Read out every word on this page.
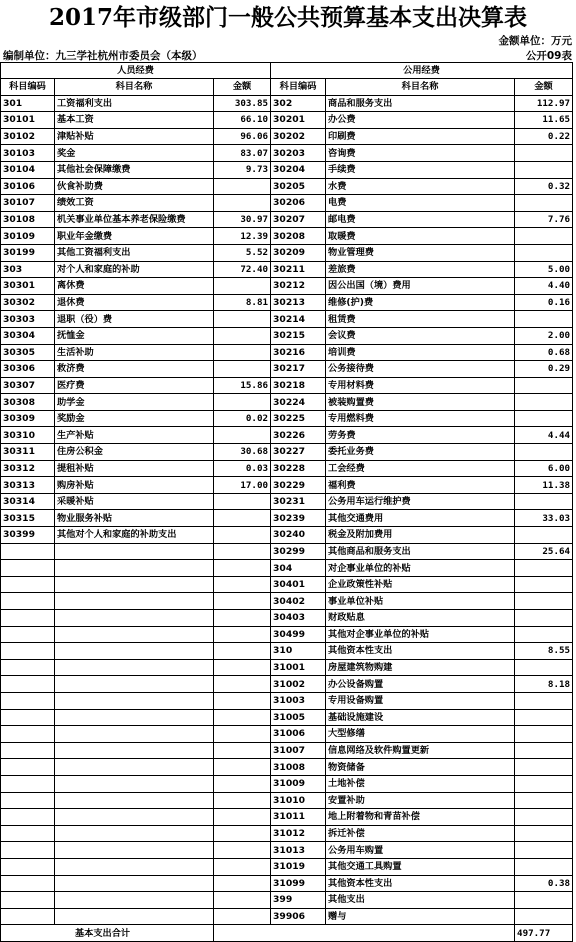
2017年市级部门一般公共预算基本支出决算表
金额单位：万元
编制单位：九三学社杭州市委员会（本级）	公开09表
人员经费			公用经费		
科目编码	科目名称	金额	科目编码	科目名称	金额
301	工资福利支出	303.85	302	商品和服务支出	112.97
30101	基本工资	66.10	30201	办公费	11.65
30102	津贴补贴	96.06	30202	印刷费	0.22
30103	奖金	83.07	30203	咨询费	
30104	其他社会保障缴费	9.73	30204	手续费	
30106	伙食补助费		30205	水费	0.32
30107	绩效工资		30206	电费	
30108	机关事业单位基本养老保险缴费	30.97	30207	邮电费	7.76
30109	职业年金缴费	12.39	30208	取暖费	
30199	其他工资福利支出	5.52	30209	物业管理费	
303	对个人和家庭的补助	72.40	30211	差旅费	5.00
30301	离休费		30212	因公出国（境）费用	4.40
30302	退休费	8.81	30213	维修(护)费	0.16
30303	退职（役）费		30214	租赁费	
30304	抚恤金		30215	会议费	2.00
30305	生活补助		30216	培训费	0.68
30306	救济费		30217	公务接待费	0.29
30307	医疗费	15.86	30218	专用材料费	
30308	助学金		30224	被装购置费	
30309	奖励金	0.02	30225	专用燃料费	
30310	生产补贴		30226	劳务费	4.44
30311	住房公积金	30.68	30227	委托业务费	
30312	提租补贴	0.03	30228	工会经费	6.00
30313	购房补贴	17.00	30229	福利费	11.38
30314	采暖补贴		30231	公务用车运行维护费	
30315	物业服务补贴		30239	其他交通费用	33.03
30399	其他对个人和家庭的补助支出		30240	税金及附加费用	
			30299	其他商品和服务支出	25.64
			304	对企事业单位的补贴	
			30401	企业政策性补贴	
			30402	事业单位补贴	
			30403	财政贴息	
			30499	其他对企事业单位的补贴	
			310	其他资本性支出	8.55
			31001	房屋建筑物购建	
			31002	办公设备购置	8.18
			31003	专用设备购置	
			31005	基础设施建设	
			31006	大型修缮	
			31007	信息网络及软件购置更新	
			31008	物资储备	
			31009	土地补偿	
			31010	安置补助	
			31011	地上附着物和青苗补偿	
			31012	拆迁补偿	
			31013	公务用车购置	
			31019	其他交通工具购置	
			31099	其他资本性支出	0.38
			399	其他支出	
			39906	赠与	
基本支出合计					497.77
